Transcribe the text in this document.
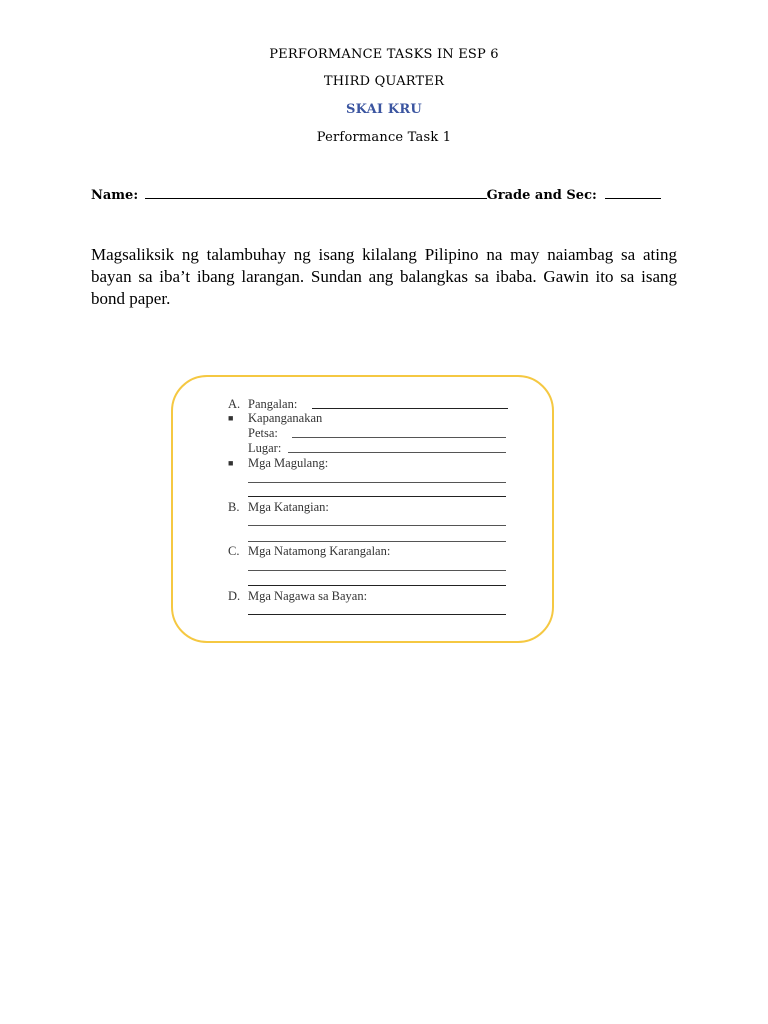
PERFORMANCE TASKS IN ESP 6
THIRD QUARTER
SKAI KRU
Performance Task 1
Name:	Grade and Sec:
Magsaliksik ng talambuhay ng isang kilalang Pilipino na may naiambag sa ating bayan sa iba’t ibang larangan. Sundan ang balangkas sa ibaba. Gawin ito sa isang bond paper.
A. Pangalan:
■ Kapanganakan
Petsa:
Lugar:
■ Mga Magulang:
B. Mga Katangian:
C. Mga Natamong Karangalan:
D. Mga Nagawa sa Bayan:
